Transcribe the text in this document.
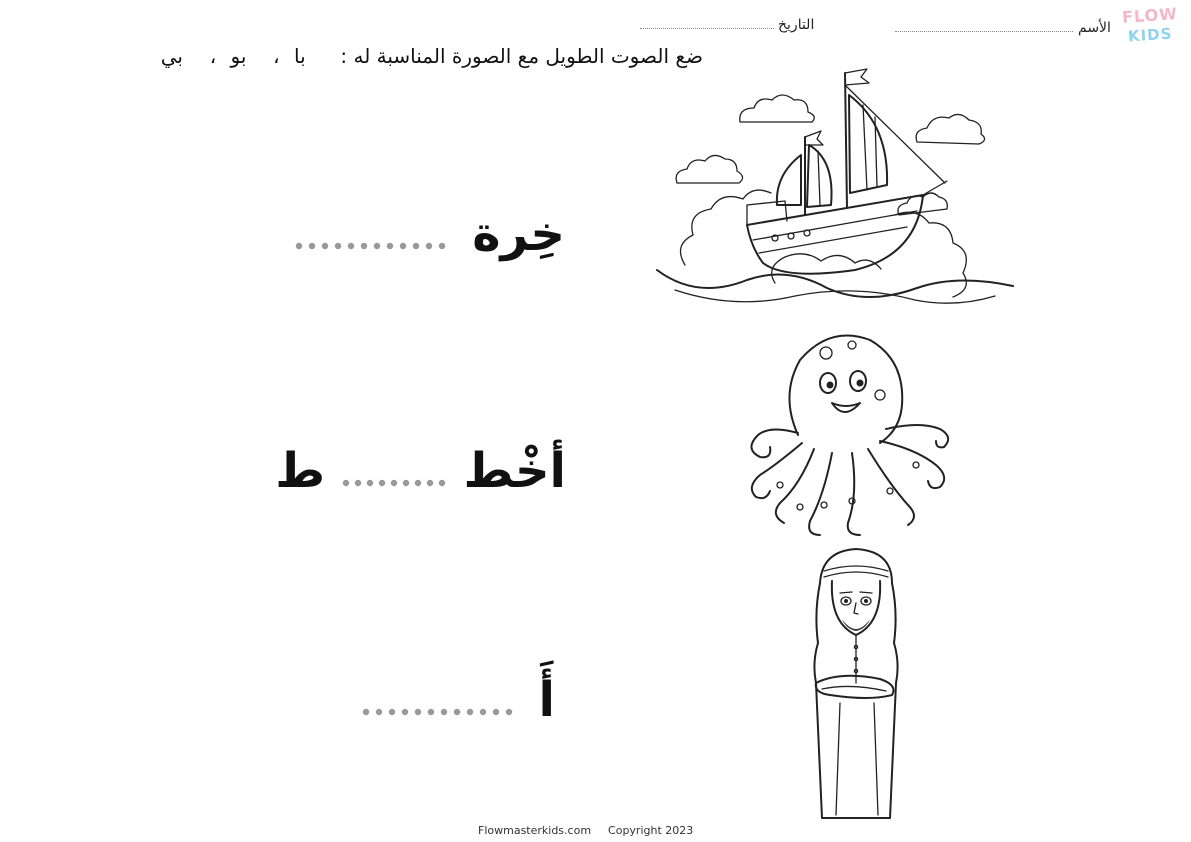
FLOW
KIDS
الأسم
التاريخ
ضع الصوت الطويل مع الصورة المناسبة له :  با ،  بو ،  بي
خِرة
أخْط  ط
أَ
Flowmasterkids.com Copyright 2023
